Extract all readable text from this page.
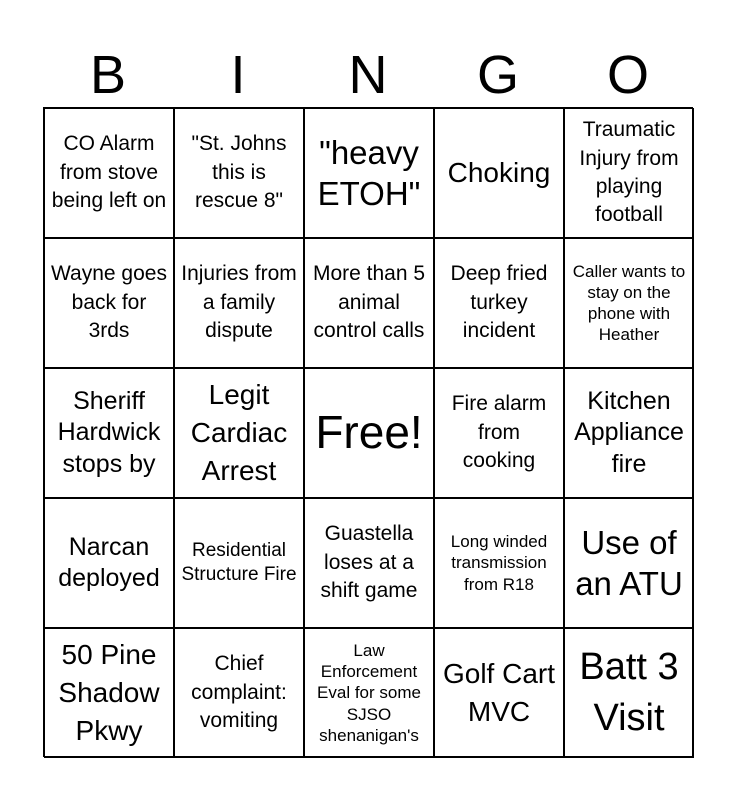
B	I	N	G	O
CO Alarm from stove being left on
"St. Johns this is rescue 8"
"heavy ETOH"
Choking
Traumatic Injury from playing football
Wayne goes back for 3rds
Injuries from a family dispute
More than 5 animal control calls
Deep fried turkey incident
Caller wants to stay on the phone with Heather
Sheriff Hardwick stops by
Legit Cardiac Arrest
Free!
Fire alarm from cooking
Kitchen Appliance fire
Narcan deployed
Residential Structure Fire
Guastella loses at a shift game
Long winded transmission from R18
Use of an ATU
50 Pine Shadow Pkwy
Chief complaint: vomiting
Law Enforcement Eval for some SJSO shenanigan's
Golf Cart MVC
Batt 3 Visit
